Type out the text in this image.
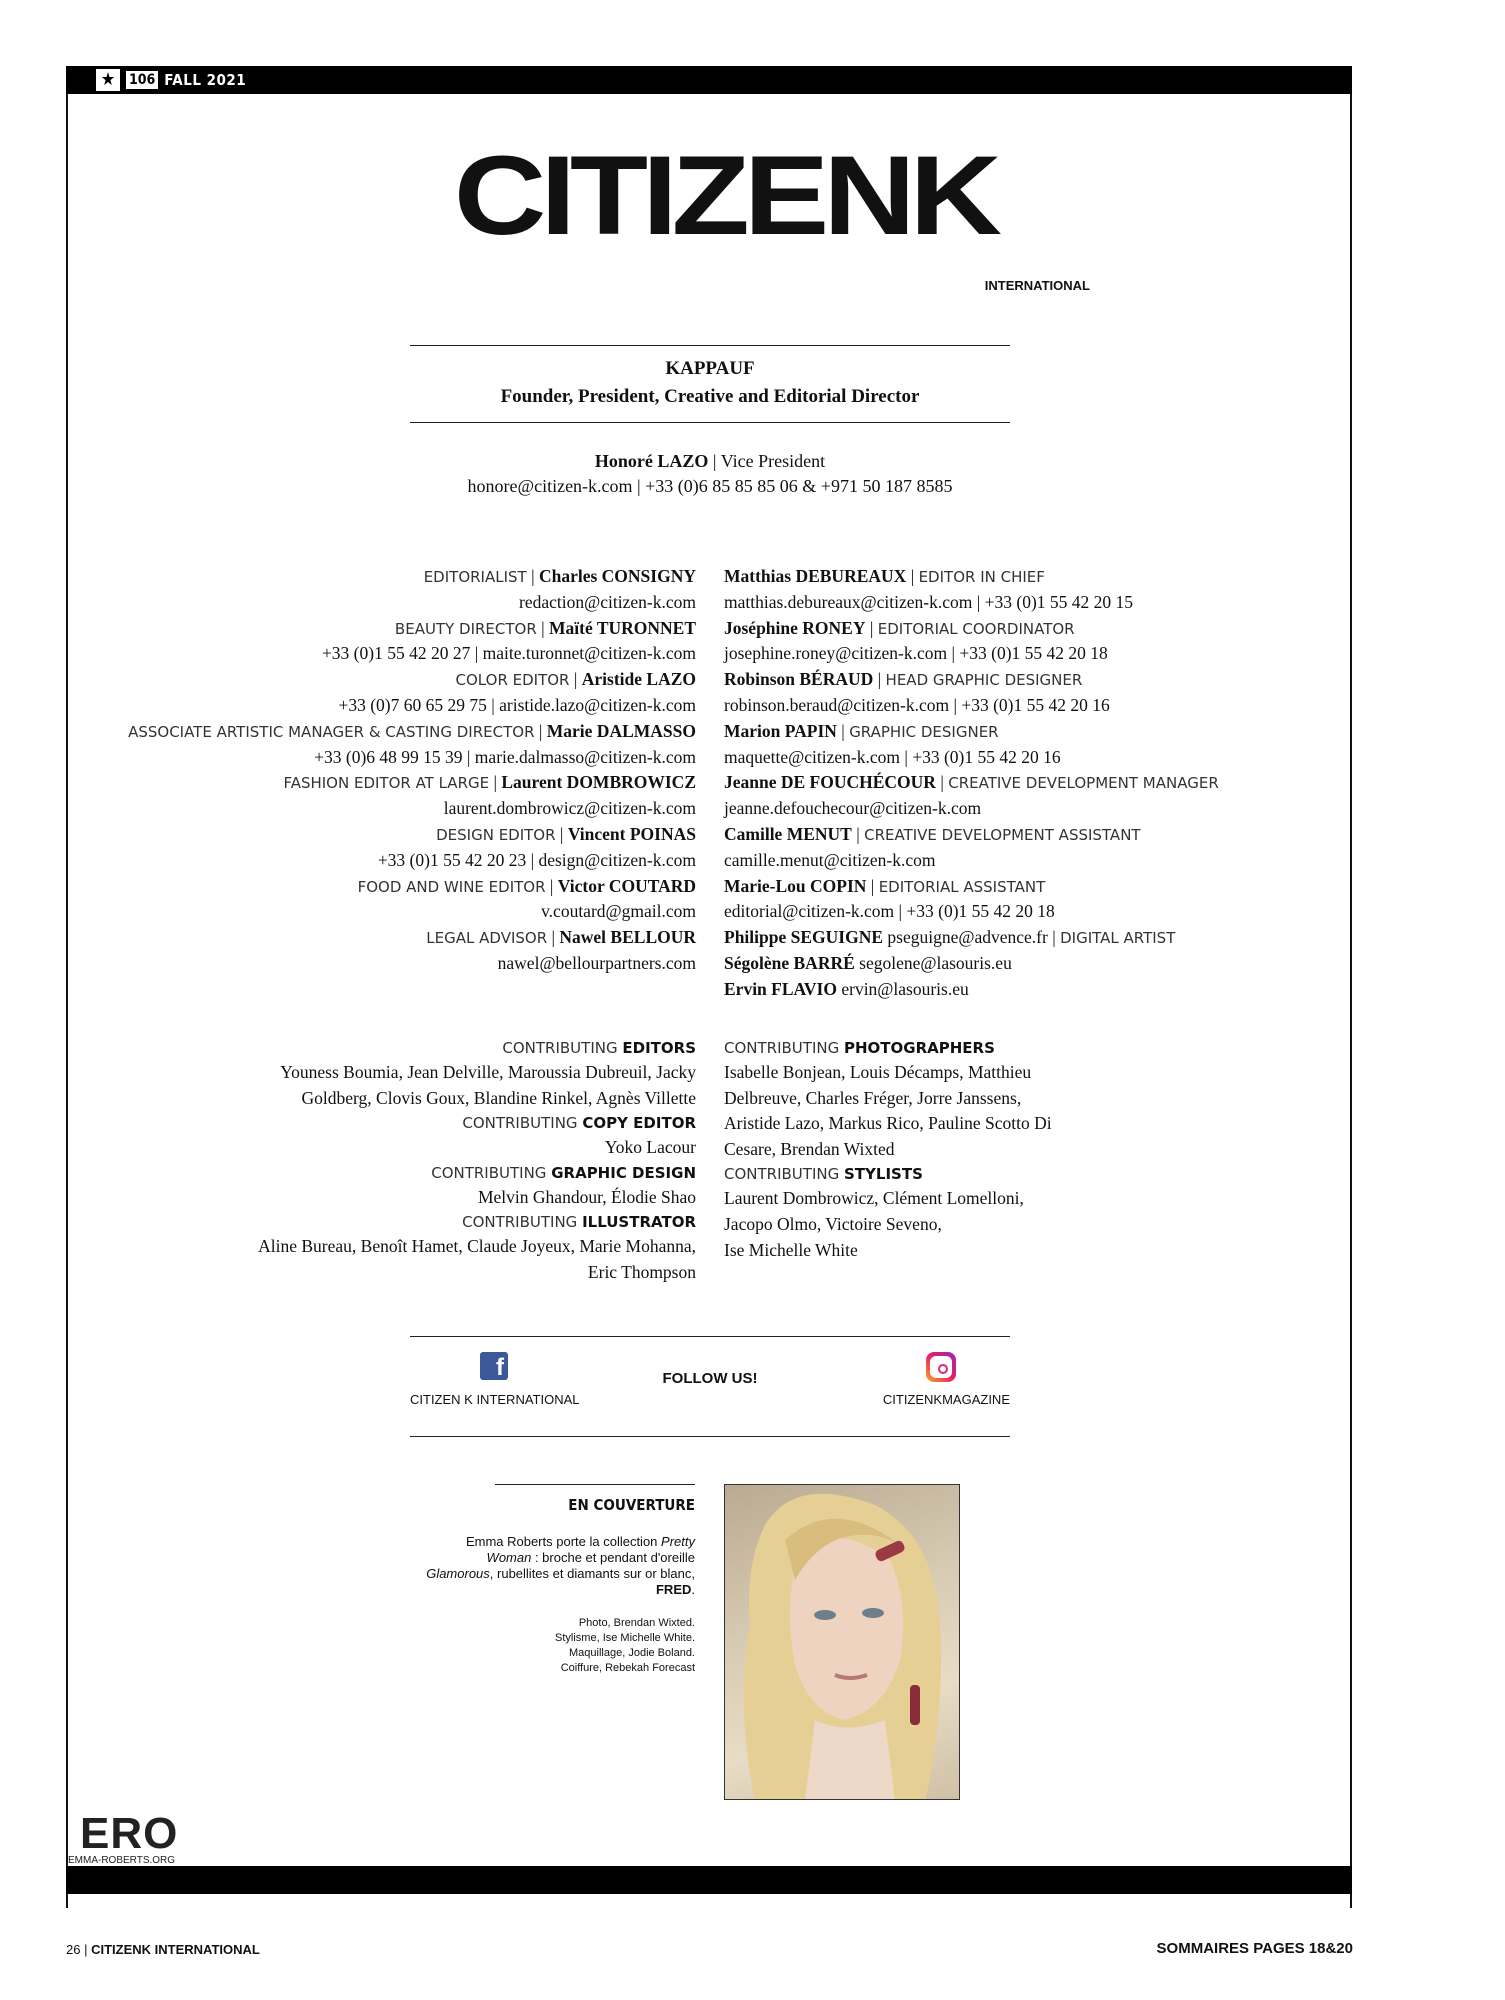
★ 106 FALL 2021
CITIZENK
INTERNATIONAL
KAPPAUF
Founder, President, Creative and Editorial Director
Honoré LAZO | Vice President
honore@citizen-k.com | +33 (0)6 85 85 85 06 & +971 50 187 8585
EDITORIALIST | Charles CONSIGNY
redaction@citizen-k.com
BEAUTY DIRECTOR | Maïté TURONNET
+33 (0)1 55 42 20 27 | maite.turonnet@citizen-k.com
COLOR EDITOR | Aristide LAZO
+33 (0)7 60 65 29 75 | aristide.lazo@citizen-k.com
ASSOCIATE ARTISTIC MANAGER & CASTING DIRECTOR | Marie DALMASSO
+33 (0)6 48 99 15 39 | marie.dalmasso@citizen-k.com
FASHION EDITOR AT LARGE | Laurent DOMBROWICZ
laurent.dombrowicz@citizen-k.com
DESIGN EDITOR | Vincent POINAS
+33 (0)1 55 42 20 23 | design@citizen-k.com
FOOD AND WINE EDITOR | Victor COUTARD
v.coutard@gmail.com
LEGAL ADVISOR | Nawel BELLOUR
nawel@bellourpartners.com
Matthias DEBUREAUX | EDITOR IN CHIEF
matthias.debureaux@citizen-k.com | +33 (0)1 55 42 20 15
Joséphine RONEY | EDITORIAL COORDINATOR
josephine.roney@citizen-k.com | +33 (0)1 55 42 20 18
Robinson BÉRAUD | HEAD GRAPHIC DESIGNER
robinson.beraud@citizen-k.com | +33 (0)1 55 42 20 16
Marion PAPIN | GRAPHIC DESIGNER
maquette@citizen-k.com | +33 (0)1 55 42 20 16
Jeanne DE FOUCHÉCOUR | CREATIVE DEVELOPMENT MANAGER
jeanne.defouchecour@citizen-k.com
Camille MENUT | CREATIVE DEVELOPMENT ASSISTANT
camille.menut@citizen-k.com
Marie-Lou COPIN | EDITORIAL ASSISTANT
editorial@citizen-k.com | +33 (0)1 55 42 20 18
Philippe SEGUIGNE pseguigne@advence.fr | DIGITAL ARTIST
Ségolène BARRÉ segolene@lasouris.eu
Ervin FLAVIO ervin@lasouris.eu
CONTRIBUTING EDITORS
Youness Boumia, Jean Delville, Maroussia Dubreuil, Jacky
Goldberg, Clovis Goux, Blandine Rinkel, Agnès Villette
CONTRIBUTING COPY EDITOR
Yoko Lacour
CONTRIBUTING GRAPHIC DESIGN
Melvin Ghandour, Élodie Shao
CONTRIBUTING ILLUSTRATOR
Aline Bureau, Benoît Hamet, Claude Joyeux, Marie Mohanna,
Eric Thompson
CONTRIBUTING PHOTOGRAPHERS
Isabelle Bonjean, Louis Décamps, Matthieu
Delbreuve, Charles Fréger, Jorre Janssens,
Aristide Lazo, Markus Rico, Pauline Scotto Di
Cesare, Brendan Wixted
CONTRIBUTING STYLISTS
Laurent Dombrowicz, Clément Lomelloni,
Jacopo Olmo, Victoire Seveno,
Ise Michelle White
f
CITIZEN K INTERNATIONAL
FOLLOW US!
CITIZENKMAGAZINE
EN COUVERTURE
Emma Roberts porte la collection Pretty Woman : broche et pendant d'oreille Glamorous, rubellites et diamants sur or blanc, FRED.
Photo, Brendan Wixted.
Stylisme, Ise Michelle White.
Maquillage, Jodie Boland.
Coiffure, Rebekah Forecast
ERO
EMMA-ROBERTS.ORG
26 | CITIZENK INTERNATIONAL	SOMMAIRES PAGES 18&20
